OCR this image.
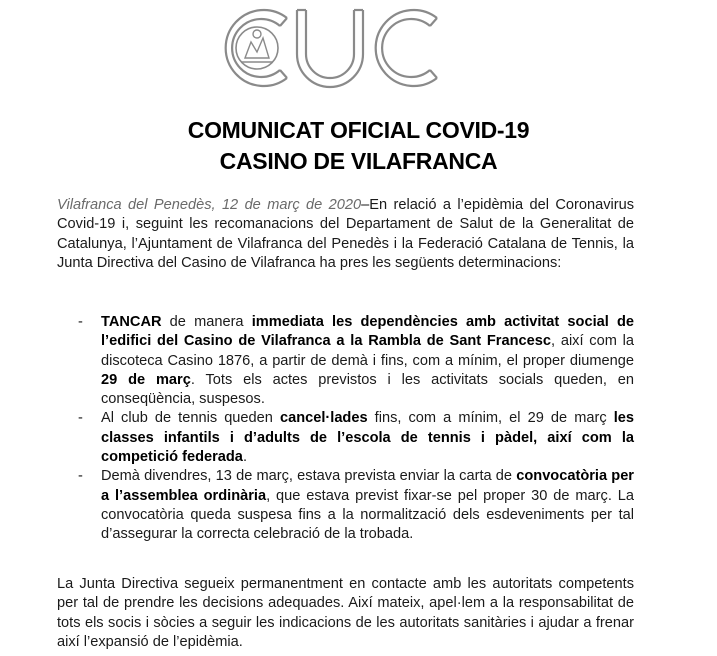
COMUNICAT OFICIAL COVID-19
CASINO DE VILAFRANCA

Vilafranca del Penedès, 12 de març de 2020–En relació a l’epidèmia del Coronavirus Covid-19 i, seguint les recomanacions del Departament de Salut de la Generalitat de Catalunya, l’Ajuntament de Vilafranca del Penedès i la Federació Catalana de Tennis, la Junta Directiva del Casino de Vilafranca ha pres les següents determinacions:

- TANCAR de manera immediata les dependències amb activitat social de l’edifici del Casino de Vilafranca a la Rambla de Sant Francesc, així com la discoteca Casino 1876, a partir de demà i fins, com a mínim, el proper diumenge 29 de març. Tots els actes previstos i les activitats socials queden, en conseqüència, suspesos.
- Al club de tennis queden cancel·lades fins, com a mínim, el 29 de març les classes infantils i d’adults de l’escola de tennis i pàdel, així com la competició federada.
- Demà divendres, 13 de març, estava prevista enviar la carta de convocatòria per a l’assemblea ordinària, que estava previst fixar-se pel proper 30 de març. La convocatòria queda suspesa fins a la normalització dels esdeveniments per tal d’assegurar la correcta celebració de la trobada.

La Junta Directiva segueix permanentment en contacte amb les autoritats competents per tal de prendre les decisions adequades. Així mateix, apel·lem a la responsabilitat de tots els socis i sòcies a seguir les indicacions de les autoritats sanitàries i ajudar a frenar així l’expansió de l’epidèmia.
